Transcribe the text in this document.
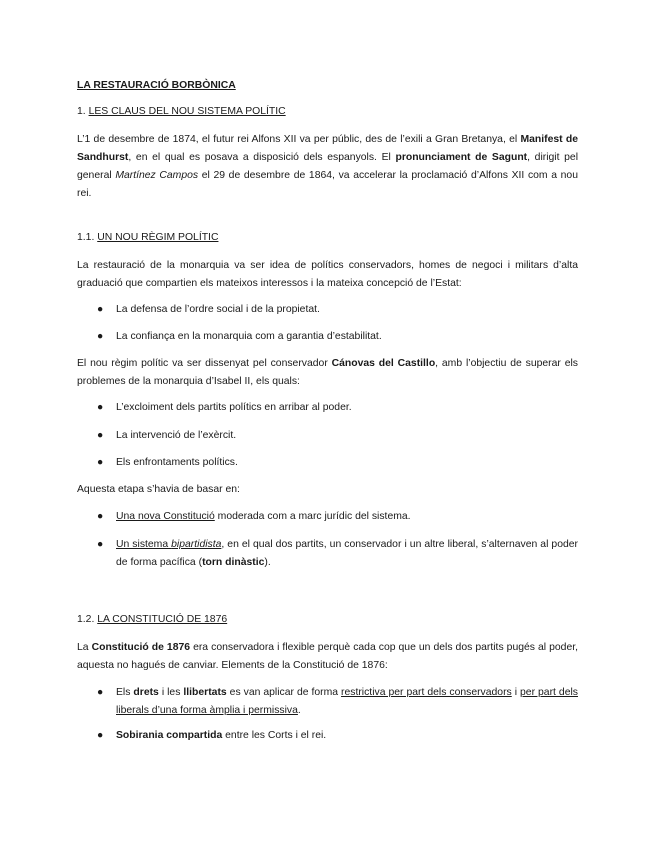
LA RESTAURACIÓ BORBÒNICA

1. LES CLAUS DEL NOU SISTEMA POLÍTIC

L’1 de desembre de 1874, el futur rei Alfons XII va per públic, des de l’exili a Gran Bretanya, el Manifest de Sandhurst, en el qual es posava a disposició dels espanyols. El pronunciament de Sagunt, dirigit pel general Martínez Campos el 29 de desembre de 1864, va accelerar la proclamació d’Alfons XII com a nou rei.

1.1. UN NOU RÈGIM POLÍTIC

La restauració de la monarquia va ser idea de polítics conservadors, homes de negoci i militars d’alta graduació que compartien els mateixos interessos i la mateixa concepció de l’Estat:

● La defensa de l’ordre social i de la propietat.
● La confiança en la monarquia com a garantia d’estabilitat.

El nou règim polític va ser dissenyat pel conservador Cánovas del Castillo, amb l’objectiu de superar els problemes de la monarquia d’Isabel II, els quals:

● L’excloiment dels partits polítics en arribar al poder.
● La intervenció de l’exèrcit.
● Els enfrontaments polítics.

Aquesta etapa s’havia de basar en:

● Una nova Constitució moderada com a marc jurídic del sistema.
● Un sistema bipartidista, en el qual dos partits, un conservador i un altre liberal, s’alternaven al poder de forma pacífica (torn dinàstic).

1.2. LA CONSTITUCIÓ DE 1876

La Constitució de 1876 era conservadora i flexible perquè cada cop que un dels dos partits pugés al poder, aquesta no hagués de canviar. Elements de la Constitució de 1876:

● Els drets i les llibertats es van aplicar de forma restrictiva per part dels conservadors i per part dels liberals d’una forma àmplia i permissiva.
● Sobirania compartida entre les Corts i el rei.
